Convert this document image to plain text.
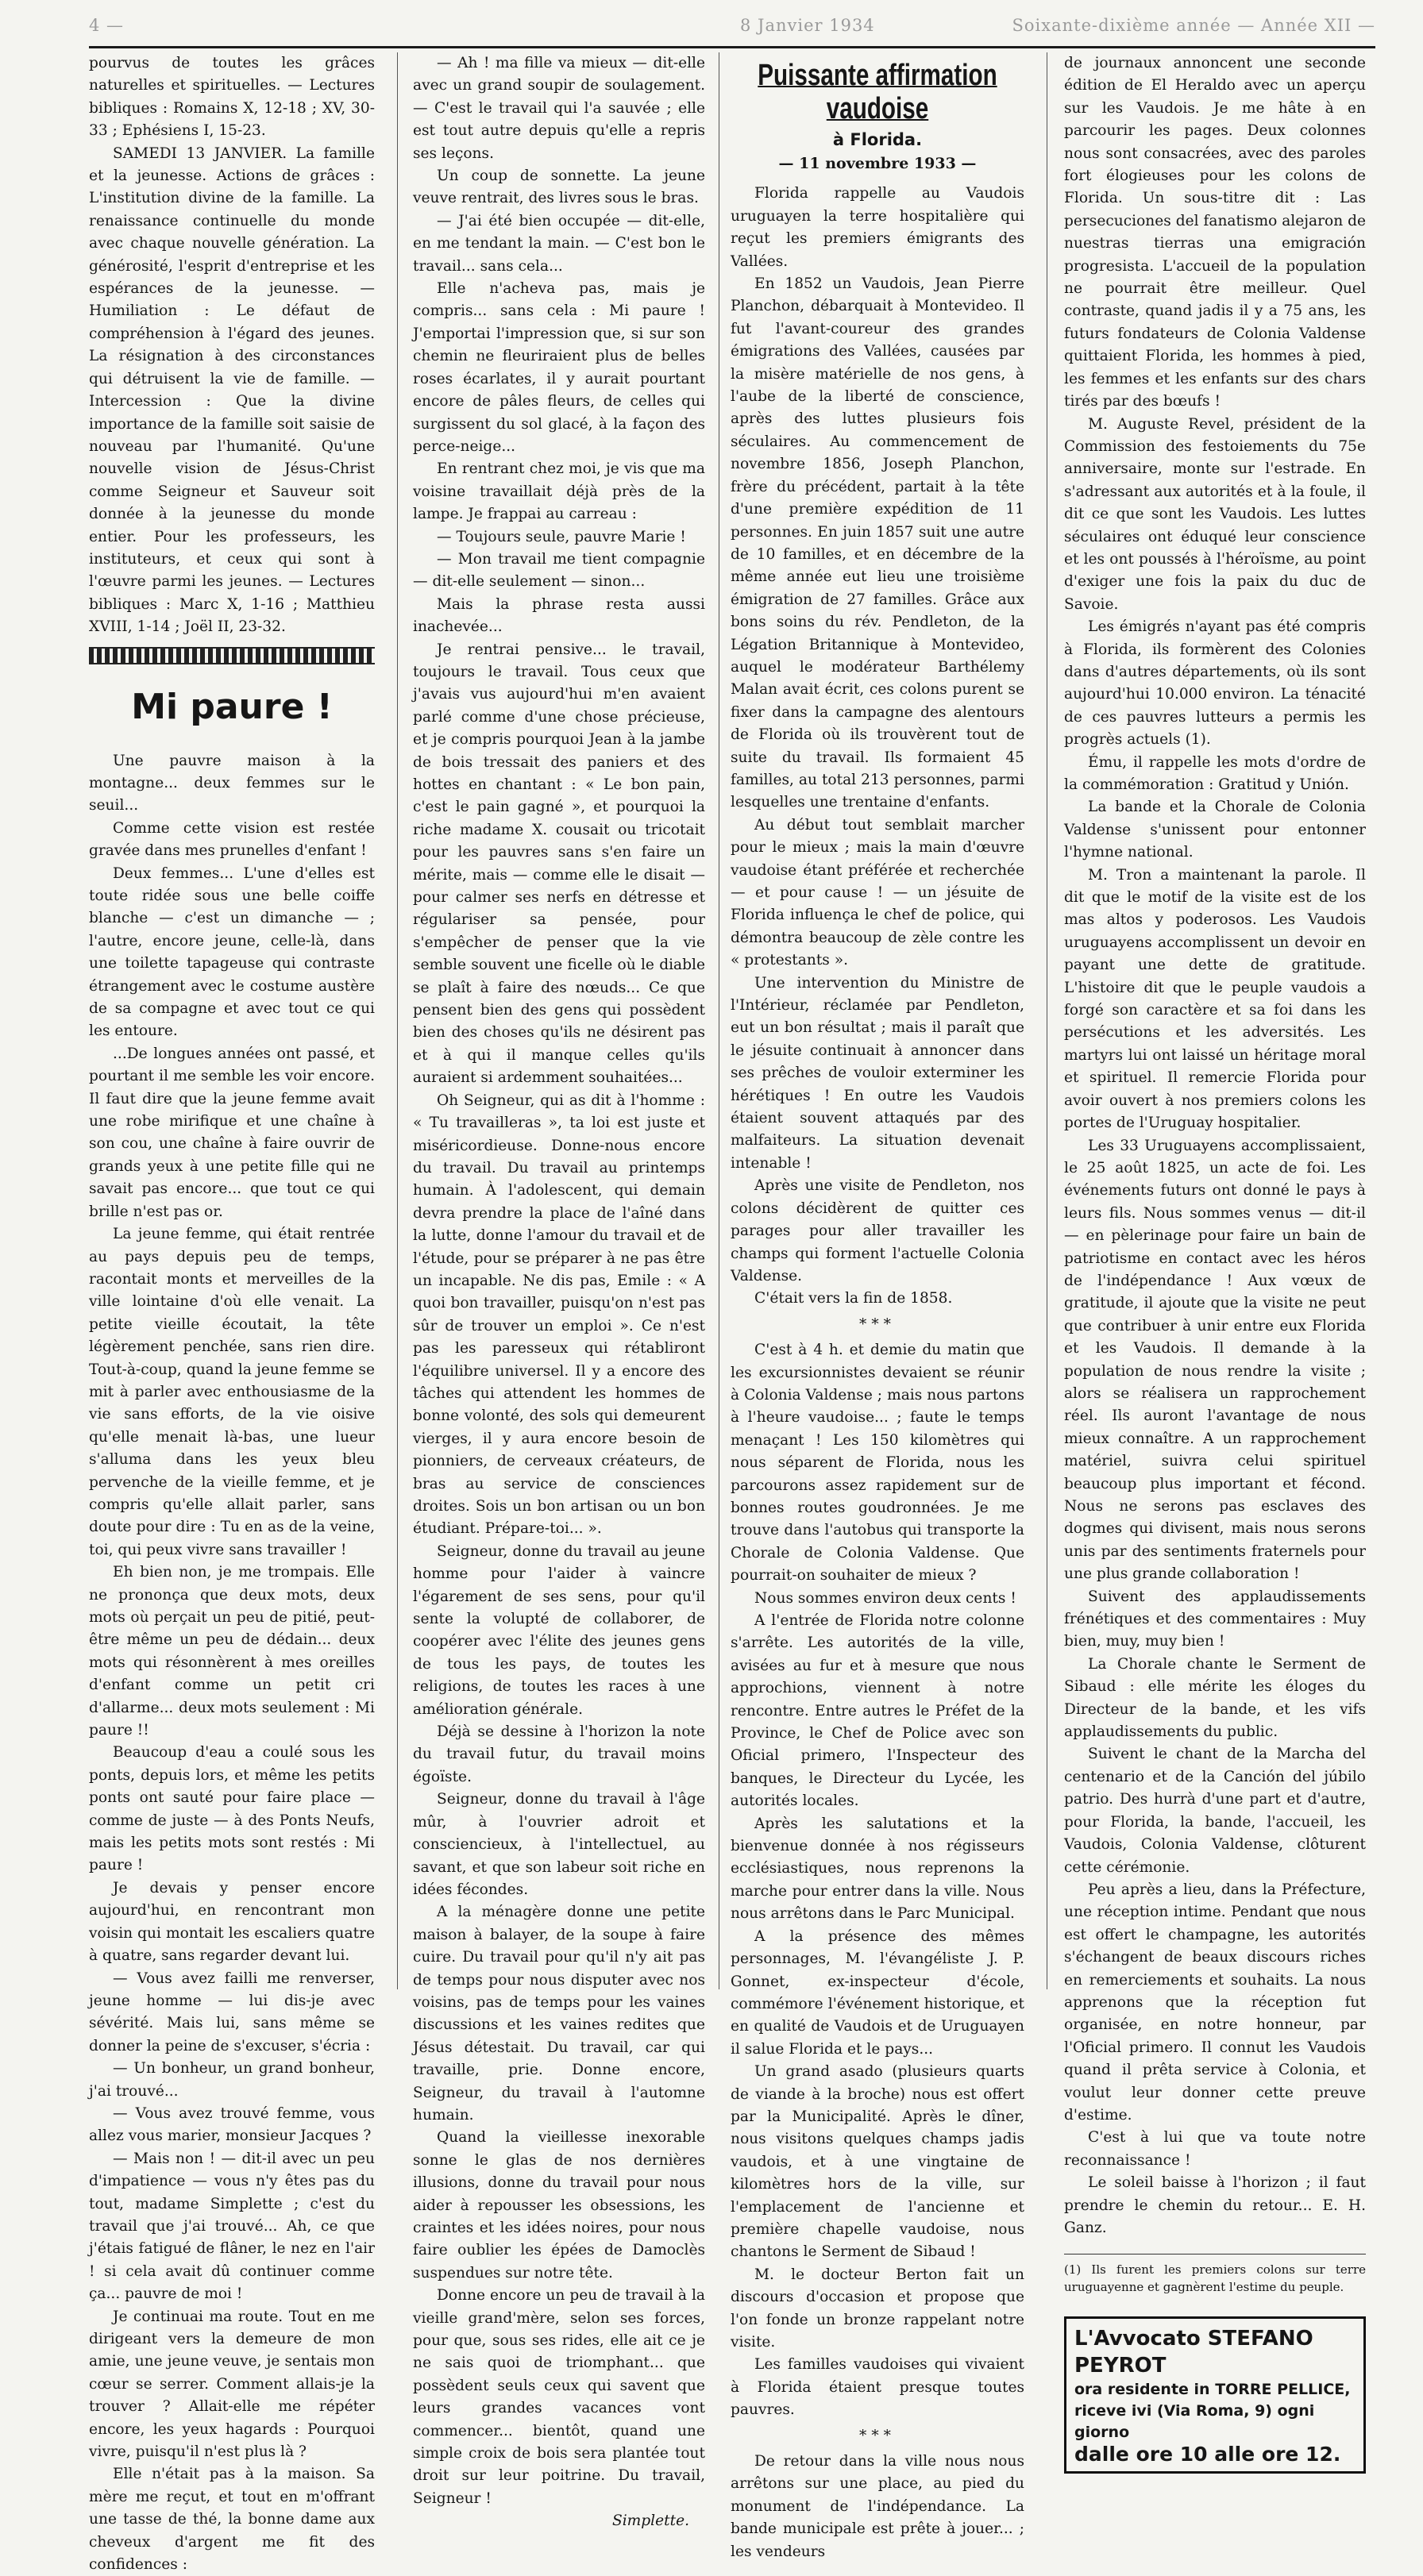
4 —	8 Janvier 1934	Soixante-dixième année — Année XII —

pourvus de toutes les grâces naturelles et spirituelles. — Lectures bibliques : Romains X, 12-18 ; XV, 30-33 ; Ephésiens I, 15-23.

SAMEDI 13 JANVIER. La famille et la jeunesse. Actions de grâces : L'institution divine de la famille. La renaissance continuelle du monde avec chaque nouvelle génération. La générosité, l'esprit d'entreprise et les espérances de la jeunesse. — Humiliation : Le défaut de compréhension à l'égard des jeunes. La résignation à des circonstances qui détruisent la vie de famille. — Intercession : Que la divine importance de la famille soit saisie de nouveau par l'humanité. Qu'une nouvelle vision de Jésus-Christ comme Seigneur et Sauveur soit donnée à la jeunesse du monde entier. Pour les professeurs, les instituteurs, et ceux qui sont à l'œuvre parmi les jeunes. — Lectures bibliques : Marc X, 1-16 ; Matthieu XVIII, 1-14 ; Joël II, 23-32.

Mi paure !

Une pauvre maison à la montagne... deux femmes sur le seuil...

Comme cette vision est restée gravée dans mes prunelles d'enfant !

Deux femmes... L'une d'elles est toute ridée sous une belle coiffe blanche — c'est un dimanche — ; l'autre, encore jeune, celle-là, dans une toilette tapageuse qui contraste étrangement avec le costume austère de sa compagne et avec tout ce qui les entoure.

...De longues années ont passé, et pourtant il me semble les voir encore. Il faut dire que la jeune femme avait une robe mirifique et une chaîne à son cou, une chaîne à faire ouvrir de grands yeux à une petite fille qui ne savait pas encore... que tout ce qui brille n'est pas or.

La jeune femme, qui était rentrée au pays depuis peu de temps, racontait monts et merveilles de la ville lointaine d'où elle venait. La petite vieille écoutait, la tête légèrement penchée, sans rien dire. Tout-à-coup, quand la jeune femme se mit à parler avec enthousiasme de la vie sans efforts, de la vie oisive qu'elle menait là-bas, une lueur s'alluma dans les yeux bleu pervenche de la vieille femme, et je compris qu'elle allait parler, sans doute pour dire : Tu en as de la veine, toi, qui peux vivre sans travailler !

Eh bien non, je me trompais. Elle ne prononça que deux mots, deux mots où perçait un peu de pitié, peut-être même un peu de dédain... deux mots qui résonnèrent à mes oreilles d'enfant comme un petit cri d'allarme... deux mots seulement : Mi paure !!

Beaucoup d'eau a coulé sous les ponts, depuis lors, et même les petits ponts ont sauté pour faire place — comme de juste — à des Ponts Neufs, mais les petits mots sont restés : Mi paure !

Je devais y penser encore aujourd'hui, en rencontrant mon voisin qui montait les escaliers quatre à quatre, sans regarder devant lui.

— Vous avez failli me renverser, jeune homme — lui dis-je avec sévérité. Mais lui, sans même se donner la peine de s'excuser, s'écria :

— Un bonheur, un grand bonheur, j'ai trouvé...

— Vous avez trouvé femme, vous allez vous marier, monsieur Jacques ?

— Mais non ! — dit-il avec un peu d'impatience — vous n'y êtes pas du tout, madame Simplette ; c'est du travail que j'ai trouvé... Ah, ce que j'étais fatigué de flâner, le nez en l'air ! si cela avait dû continuer comme ça... pauvre de moi !

Je continuai ma route. Tout en me dirigeant vers la demeure de mon amie, une jeune veuve, je sentais mon cœur se serrer. Comment allais-je la trouver ? Allait-elle me répéter encore, les yeux hagards : Pourquoi vivre, puisqu'il n'est plus là ?

Elle n'était pas à la maison. Sa mère me reçut, et tout en m'offrant une tasse de thé, la bonne dame aux cheveux d'argent me fit des confidences :

— Ah ! ma fille va mieux — dit-elle avec un grand soupir de soulagement. — C'est le travail qui l'a sauvée ; elle est tout autre depuis qu'elle a repris ses leçons.

Un coup de sonnette. La jeune veuve rentrait, des livres sous le bras.

— J'ai été bien occupée — dit-elle, en me tendant la main. — C'est bon le travail... sans cela...

Elle n'acheva pas, mais je compris... sans cela : Mi paure ! J'emportai l'impression que, si sur son chemin ne fleuriraient plus de belles roses écarlates, il y aurait pourtant encore de pâles fleurs, de celles qui surgissent du sol glacé, à la façon des perce-neige...

En rentrant chez moi, je vis que ma voisine travaillait déjà près de la lampe. Je frappai au carreau :

— Toujours seule, pauvre Marie !

— Mon travail me tient compagnie — dit-elle seulement — sinon...

Mais la phrase resta aussi inachevée...

Je rentrai pensive... le travail, toujours le travail. Tous ceux que j'avais vus aujourd'hui m'en avaient parlé comme d'une chose précieuse, et je compris pourquoi Jean à la jambe de bois tressait des paniers et des hottes en chantant : « Le bon pain, c'est le pain gagné », et pourquoi la riche madame X. cousait ou tricotait pour les pauvres sans s'en faire un mérite, mais — comme elle le disait — pour calmer ses nerfs en détresse et régulariser sa pensée, pour s'empêcher de penser que la vie semble souvent une ficelle où le diable se plaît à faire des nœuds... Ce que pensent bien des gens qui possèdent bien des choses qu'ils ne désirent pas et à qui il manque celles qu'ils auraient si ardemment souhaitées...

Oh Seigneur, qui as dit à l'homme : « Tu travailleras », ta loi est juste et miséricordieuse. Donne-nous encore du travail. Du travail au printemps humain. À l'adolescent, qui demain devra prendre la place de l'aîné dans la lutte, donne l'amour du travail et de l'étude, pour se préparer à ne pas être un incapable. Ne dis pas, Emile : « A quoi bon travailler, puisqu'on n'est pas sûr de trouver un emploi ». Ce n'est pas les paresseux qui rétabliront l'équilibre universel. Il y a encore des tâches qui attendent les hommes de bonne volonté, des sols qui demeurent vierges, il y aura encore besoin de pionniers, de cerveaux créateurs, de bras au service de consciences droites. Sois un bon artisan ou un bon étudiant. Prépare-toi... ».

Seigneur, donne du travail au jeune homme pour l'aider à vaincre l'égarement de ses sens, pour qu'il sente la volupté de collaborer, de coopérer avec l'élite des jeunes gens de tous les pays, de toutes les religions, de toutes les races à une amélioration générale.

Déjà se dessine à l'horizon la note du travail futur, du travail moins égoïste.

Seigneur, donne du travail à l'âge mûr, à l'ouvrier adroit et consciencieux, à l'intellectuel, au savant, et que son labeur soit riche en idées fécondes.

A la ménagère donne une petite maison à balayer, de la soupe à faire cuire. Du travail pour qu'il n'y ait pas de temps pour nous disputer avec nos voisins, pas de temps pour les vaines discussions et les vaines redites que Jésus détestait. Du travail, car qui travaille, prie. Donne encore, Seigneur, du travail à l'automne humain.

Quand la vieillesse inexorable sonne le glas de nos dernières illusions, donne du travail pour nous aider à repousser les obsessions, les craintes et les idées noires, pour nous faire oublier les épées de Damoclès suspendues sur notre tête.

Donne encore un peu de travail à la vieille grand'mère, selon ses forces, pour que, sous ses rides, elle ait ce je ne sais quoi de triomphant... que possèdent seuls ceux qui savent que leurs grandes vacances vont commencer... bientôt, quand une simple croix de bois sera plantée tout droit sur leur poitrine. Du travail, Seigneur !

Simplette.
Puissante affirmation vaudoise
à Florida.
— 11 novembre 1933 —

Florida rappelle au Vaudois uruguayen la terre hospitalière qui reçut les premiers émigrants des Vallées.

En 1852 un Vaudois, Jean Pierre Planchon, débarquait à Montevideo. Il fut l'avant-coureur des grandes émigrations des Vallées, causées par la misère matérielle de nos gens, à l'aube de la liberté de conscience, après des luttes plusieurs fois séculaires. Au commencement de novembre 1856, Joseph Planchon, frère du précédent, partait à la tête d'une première expédition de 11 personnes. En juin 1857 suit une autre de 10 familles, et en décembre de la même année eut lieu une troisième émigration de 27 familles. Grâce aux bons soins du rév. Pendleton, de la Légation Britannique à Montevideo, auquel le modérateur Barthélemy Malan avait écrit, ces colons purent se fixer dans la campagne des alentours de Florida où ils trouvèrent tout de suite du travail. Ils formaient 45 familles, au total 213 personnes, parmi lesquelles une trentaine d'enfants.

Au début tout semblait marcher pour le mieux ; mais la main d'œuvre vaudoise étant préférée et recherchée — et pour cause ! — un jésuite de Florida influença le chef de police, qui démontra beaucoup de zèle contre les « protestants ».

Une intervention du Ministre de l'Intérieur, réclamée par Pendleton, eut un bon résultat ; mais il paraît que le jésuite continuait à annoncer dans ses prêches de vouloir exterminer les hérétiques ! En outre les Vaudois étaient souvent attaqués par des malfaiteurs. La situation devenait intenable !

Après une visite de Pendleton, nos colons décidèrent de quitter ces parages pour aller travailler les champs qui forment l'actuelle Colonia Valdense.

C'était vers la fin de 1858.

***

C'est à 4 h. et demie du matin que les excursionnistes devaient se réunir à Colonia Valdense ; mais nous partons à l'heure vaudoise... ; faute le temps menaçant ! Les 150 kilomètres qui nous séparent de Florida, nous les parcourons assez rapidement sur de bonnes routes goudronnées. Je me trouve dans l'autobus qui transporte la Chorale de Colonia Valdense. Que pourrait-on souhaiter de mieux ?

Nous sommes environ deux cents !

A l'entrée de Florida notre colonne s'arrête. Les autorités de la ville, avisées au fur et à mesure que nous approchions, viennent à notre rencontre. Entre autres le Préfet de la Province, le Chef de Police avec son Oficial primero, l'Inspecteur des banques, le Directeur du Lycée, les autorités locales.

Après les salutations et la bienvenue donnée à nos régisseurs ecclésiastiques, nous reprenons la marche pour entrer dans la ville. Nous nous arrêtons dans le Parc Municipal.

A la présence des mêmes personnages, M. l'évangéliste J. P. Gonnet, ex-inspecteur d'école, commémore l'événement historique, et en qualité de Vaudois et de Uruguayen il salue Florida et le pays...

Un grand asado (plusieurs quarts de viande à la broche) nous est offert par la Municipalité. Après le dîner, nous visitons quelques champs jadis vaudois, et à une vingtaine de kilomètres hors de la ville, sur l'emplacement de l'ancienne et première chapelle vaudoise, nous chantons le Serment de Sibaud !

M. le docteur Berton fait un discours d'occasion et propose que l'on fonde un bronze rappelant notre visite.

Les familles vaudoises qui vivaient à Florida étaient presque toutes pauvres.

***

De retour dans la ville nous nous arrêtons sur une place, au pied du monument de l'indépendance. La bande municipale est prête à jouer... ; les vendeurs

de journaux annoncent une seconde édition de El Heraldo avec un aperçu sur les Vaudois. Je me hâte à en parcourir les pages. Deux colonnes nous sont consacrées, avec des paroles fort élogieuses pour les colons de Florida. Un sous-titre dit : Las persecuciones del fanatismo alejaron de nuestras tierras una emigración progresista. L'accueil de la population ne pourrait être meilleur. Quel contraste, quand jadis il y a 75 ans, les futurs fondateurs de Colonia Valdense quittaient Florida, les hommes à pied, les femmes et les enfants sur des chars tirés par des bœufs !

M. Auguste Revel, président de la Commission des festoiements du 75e anniversaire, monte sur l'estrade. En s'adressant aux autorités et à la foule, il dit ce que sont les Vaudois. Les luttes séculaires ont éduqué leur conscience et les ont poussés à l'héroïsme, au point d'exiger une fois la paix du duc de Savoie.

Les émigrés n'ayant pas été compris à Florida, ils formèrent des Colonies dans d'autres départements, où ils sont aujourd'hui 10.000 environ. La ténacité de ces pauvres lutteurs a permis les progrès actuels (1).

Ému, il rappelle les mots d'ordre de la commémoration : Gratitud y Unión.

La bande et la Chorale de Colonia Valdense s'unissent pour entonner l'hymne national.

M. Tron a maintenant la parole. Il dit que le motif de la visite est de los mas altos y poderosos. Les Vaudois uruguayens accomplissent un devoir en payant une dette de gratitude. L'histoire dit que le peuple vaudois a forgé son caractère et sa foi dans les persécutions et les adversités. Les martyrs lui ont laissé un héritage moral et spirituel. Il remercie Florida pour avoir ouvert à nos premiers colons les portes de l'Uruguay hospitalier.

Les 33 Uruguayens accomplissaient, le 25 août 1825, un acte de foi. Les événements futurs ont donné le pays à leurs fils. Nous sommes venus — dit-il — en pèlerinage pour faire un bain de patriotisme en contact avec les héros de l'indépendance ! Aux vœux de gratitude, il ajoute que la visite ne peut que contribuer à unir entre eux Florida et les Vaudois. Il demande à la population de nous rendre la visite ; alors se réalisera un rapprochement réel. Ils auront l'avantage de nous mieux connaître. A un rapprochement matériel, suivra celui spirituel beaucoup plus important et fécond. Nous ne serons pas esclaves des dogmes qui divisent, mais nous serons unis par des sentiments fraternels pour une plus grande collaboration !

Suivent des applaudissements frénétiques et des commentaires : Muy bien, muy, muy bien !

La Chorale chante le Serment de Sibaud : elle mérite les éloges du Directeur de la bande, et les vifs applaudissements du public.

Suivent le chant de la Marcha del centenario et de la Canción del júbilo patrio. Des hurrà d'une part et d'autre, pour Florida, la bande, l'accueil, les Vaudois, Colonia Valdense, clôturent cette cérémonie.

Peu après a lieu, dans la Préfecture, une réception intime. Pendant que nous est offert le champagne, les autorités s'échangent de beaux discours riches en remerciements et souhaits. La nous apprenons que la réception fut organisée, en notre honneur, par l'Oficial primero. Il connut les Vaudois quand il prêta service à Colonia, et voulut leur donner cette preuve d'estime.

C'est à lui que va toute notre reconnaissance !

Le soleil baisse à l'horizon ; il faut prendre le chemin du retour... E. H. Ganz.

(1) Ils furent les premiers colons sur terre uruguayenne et gagnèrent l'estime du peuple.
L'Avvocato STEFANO PEYROT
ora residente in TORRE PELLICE,
riceve ivi (Via Roma, 9) ogni giorno
dalle ore 10 alle ore 12.
